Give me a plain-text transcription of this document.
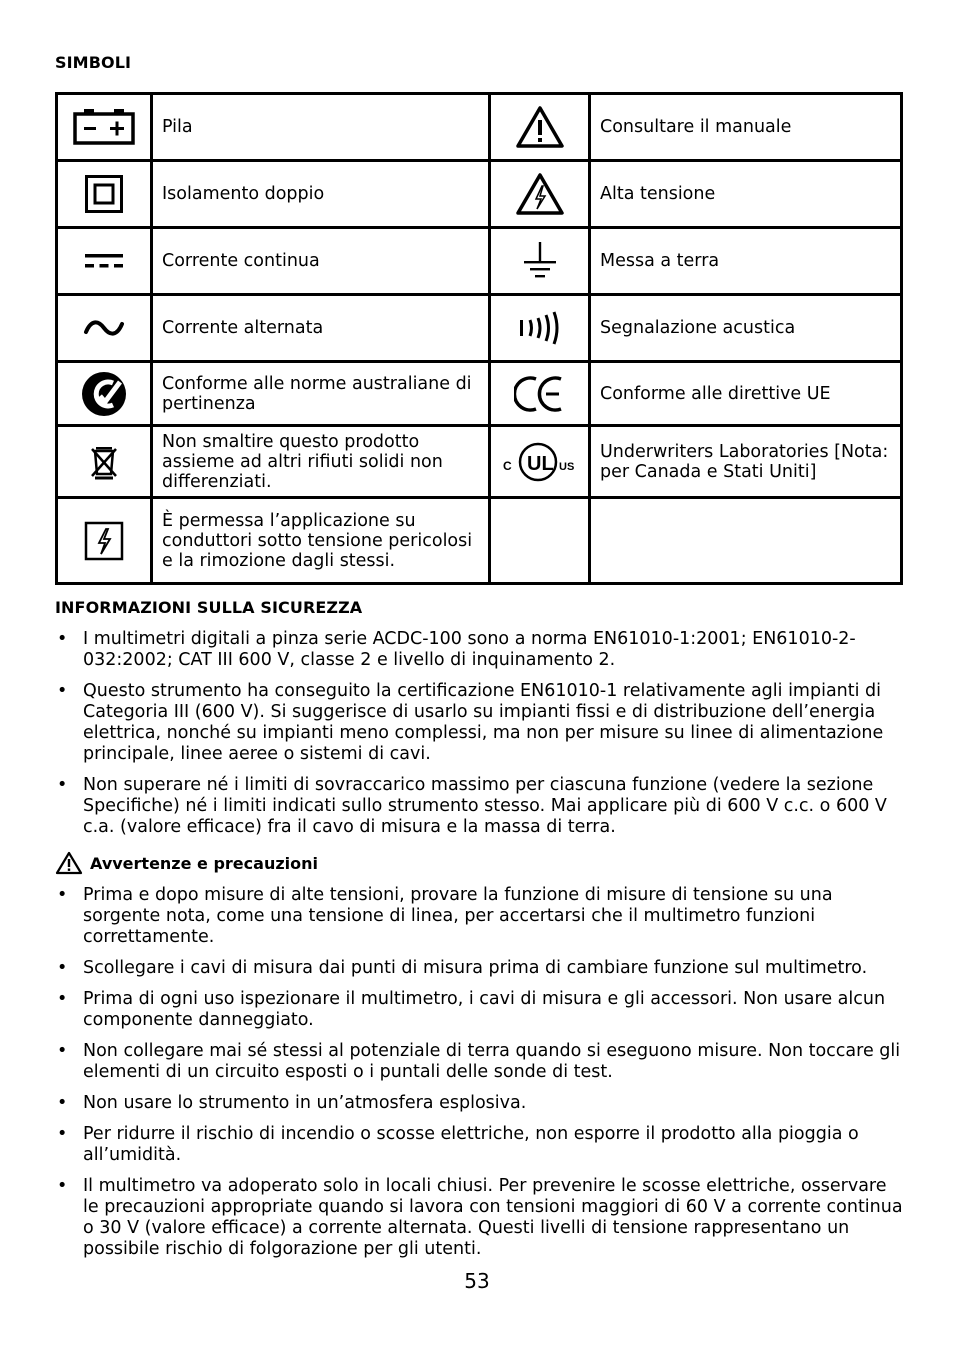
SIMBOLI
	Pila		Consultare il manuale

	Isolamento doppio		Alta tensione

	Corrente continua		Messa a terra

	Corrente alternata		Segnalazione acustica

	Conforme alle norme australiane di pertinenza		Conforme alle direttive UE

	Non smaltire questo prodotto assieme ad altri rifiuti solidi non differenziati.	C UL US	Underwriters Laboratories [Nota: per Canada e Stati Uniti]

	È permessa l’applicazione su conduttori sotto tensione pericolosi e la rimozione dagli stessi.		
INFORMAZIONI SULLA SICUREZZA
• I multimetri digitali a pinza serie ACDC-100 sono a norma EN61010-1:2001; EN61010-2-032:2002; CAT III 600 V, classe 2 e livello di inquinamento 2.
• Questo strumento ha conseguito la certificazione EN61010-1 relativamente agli impianti di Categoria III (600 V). Si suggerisce di usarlo su impianti fissi e di distribuzione dell’energia elettrica, nonché su impianti meno complessi, ma non per misure su linee di alimentazione principale, linee aeree o sistemi di cavi.
• Non superare né i limiti di sovraccarico massimo per ciascuna funzione (vedere la sezione Specifiche) né i limiti indicati sullo strumento stesso. Mai applicare più di 600 V c.c. o 600 V c.a. (valore efficace) fra il cavo di misura e la massa di terra.
Avvertenze e precauzioni
• Prima e dopo misure di alte tensioni, provare la funzione di misure di tensione su una sorgente nota, come una tensione di linea, per accertarsi che il multimetro funzioni correttamente.
• Scollegare i cavi di misura dai punti di misura prima di cambiare funzione sul multimetro.
• Prima di ogni uso ispezionare il multimetro, i cavi di misura e gli accessori. Non usare alcun componente danneggiato.
• Non collegare mai sé stessi al potenziale di terra quando si eseguono misure. Non toccare gli elementi di un circuito esposti o i puntali delle sonde di test.
• Non usare lo strumento in un’atmosfera esplosiva.
• Per ridurre il rischio di incendio o scosse elettriche, non esporre il prodotto alla pioggia o all’umidità.
• Il multimetro va adoperato solo in locali chiusi. Per prevenire le scosse elettriche, osservare le precauzioni appropriate quando si lavora con tensioni maggiori di 60 V a corrente continua o 30 V (valore efficace) a corrente alternata. Questi livelli di tensione rappresentano un possibile rischio di folgorazione per gli utenti.
53
